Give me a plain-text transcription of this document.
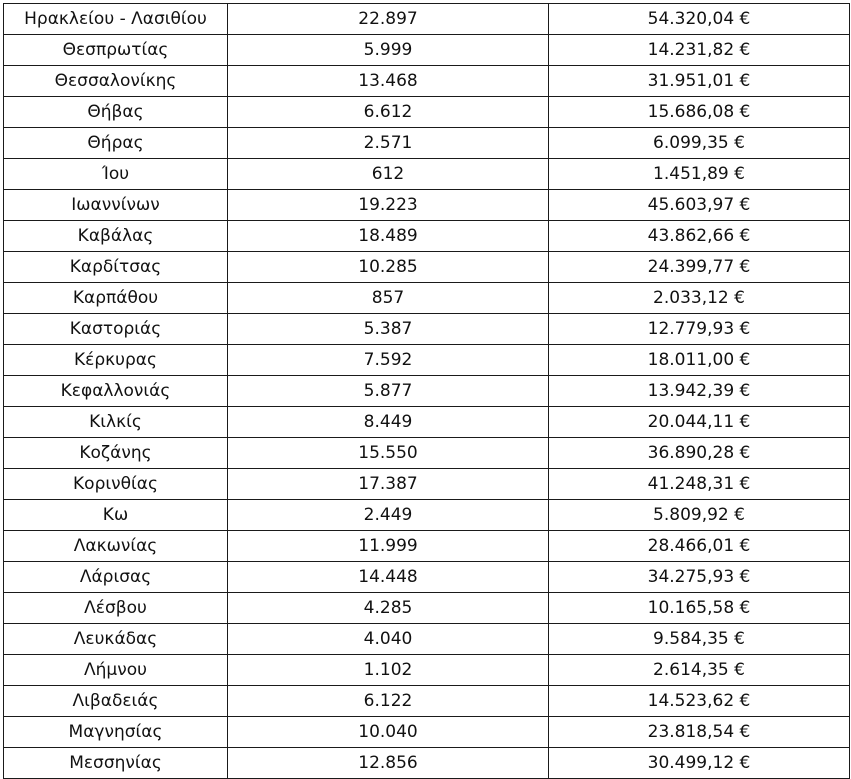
Ηρακλείου - Λασιθίου	22.897	54.320,04 €
Θεσπρωτίας	5.999	14.231,82 €
Θεσσαλονίκης	13.468	31.951,01 €
Θήβας	6.612	15.686,08 €
Θήρας	2.571	6.099,35 €
Ίου	612	1.451,89 €
Ιωαννίνων	19.223	45.603,97 €
Καβάλας	18.489	43.862,66 €
Καρδίτσας	10.285	24.399,77 €
Καρπάθου	857	2.033,12 €
Καστοριάς	5.387	12.779,93 €
Κέρκυρας	7.592	18.011,00 €
Κεφαλλονιάς	5.877	13.942,39 €
Κιλκίς	8.449	20.044,11 €
Κοζάνης	15.550	36.890,28 €
Κορινθίας	17.387	41.248,31 €
Κω	2.449	5.809,92 €
Λακωνίας	11.999	28.466,01 €
Λάρισας	14.448	34.275,93 €
Λέσβου	4.285	10.165,58 €
Λευκάδας	4.040	9.584,35 €
Λήμνου	1.102	2.614,35 €
Λιβαδειάς	6.122	14.523,62 €
Μαγνησίας	10.040	23.818,54 €
Μεσσηνίας	12.856	30.499,12 €
